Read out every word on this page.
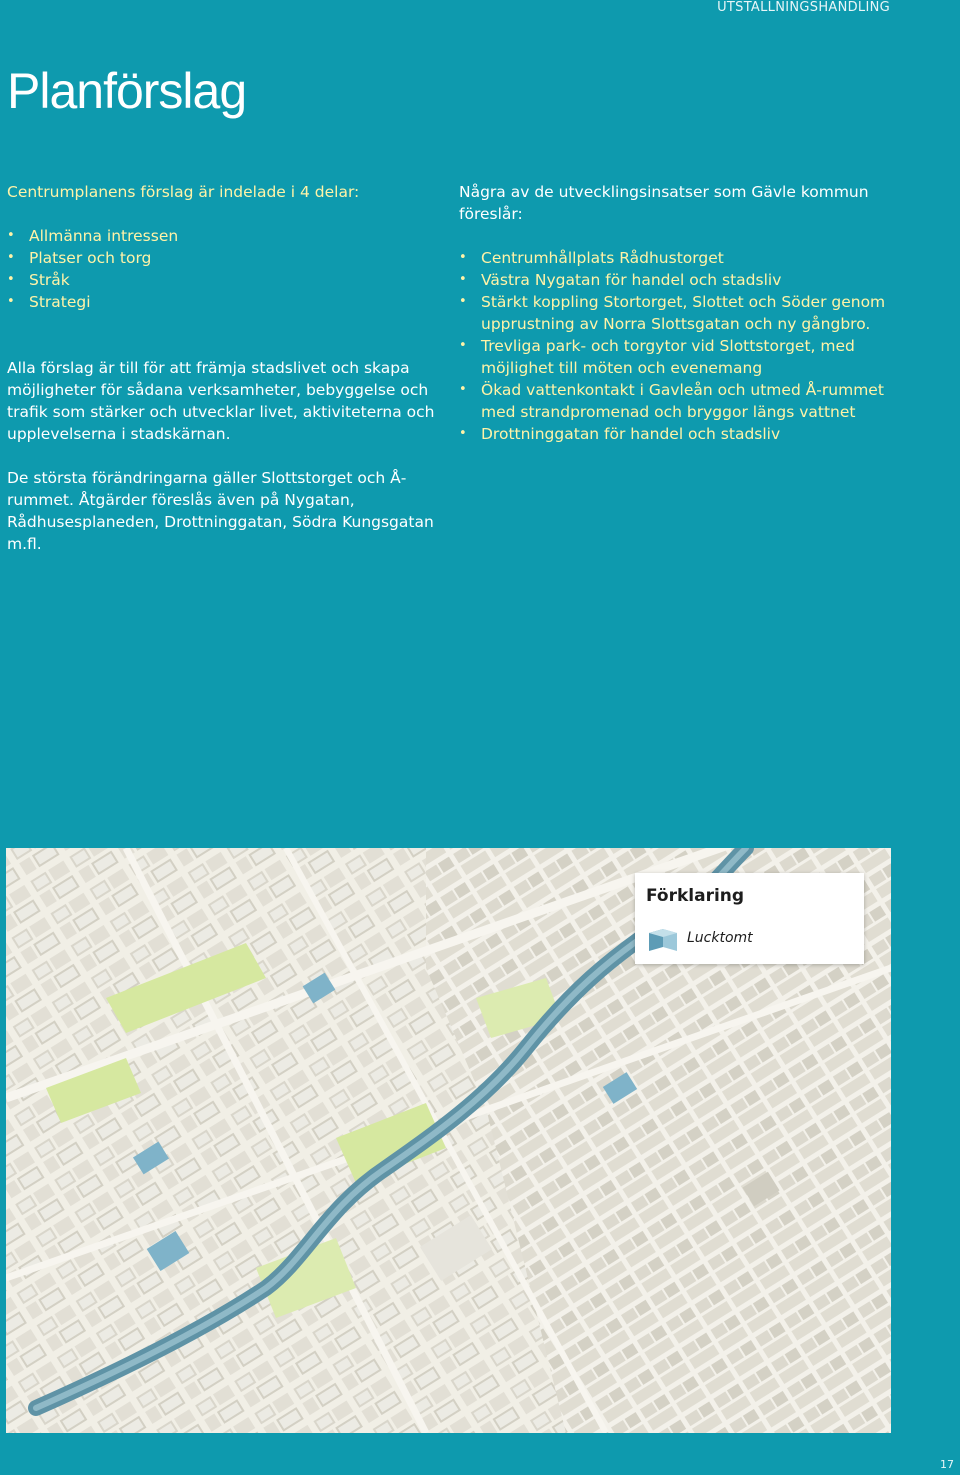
UTSTÄLLNINGSHANDLING
Planförslag

Centrumplanens förslag är indelade i 4 delar:

• Allmänna intressen
• Platser och torg
• Stråk
• Strategi

Alla förslag är till för att främja stadslivet och skapa möjligheter för sådana verksamheter, bebyggelse och trafik som stärker och utvecklar livet, aktiviteterna och upplevelserna i stadskärnan.

De största förändringarna gäller Slottstorget och Å-rummet. Åtgärder föreslås även på Nygatan, Rådhusesplaneden, Drottninggatan, Södra Kungsgatan m.fl.

Några av de utvecklingsinsatser som Gävle kommun föreslår:

• Centrumhållplats Rådhustorget
• Västra Nygatan för handel och stadsliv
• Stärkt koppling Stortorget, Slottet och Söder genom upprustning av Norra Slottsgatan och ny gångbro.
• Trevliga park- och torgytor vid Slottstorget, med möjlighet till möten och evenemang
• Ökad vattenkontakt i Gavleån och utmed Å-rummet med strandpromenad och bryggor längs vattnet
• Drottninggatan för handel och stadsliv
Förklaring
Lucktomt
17
